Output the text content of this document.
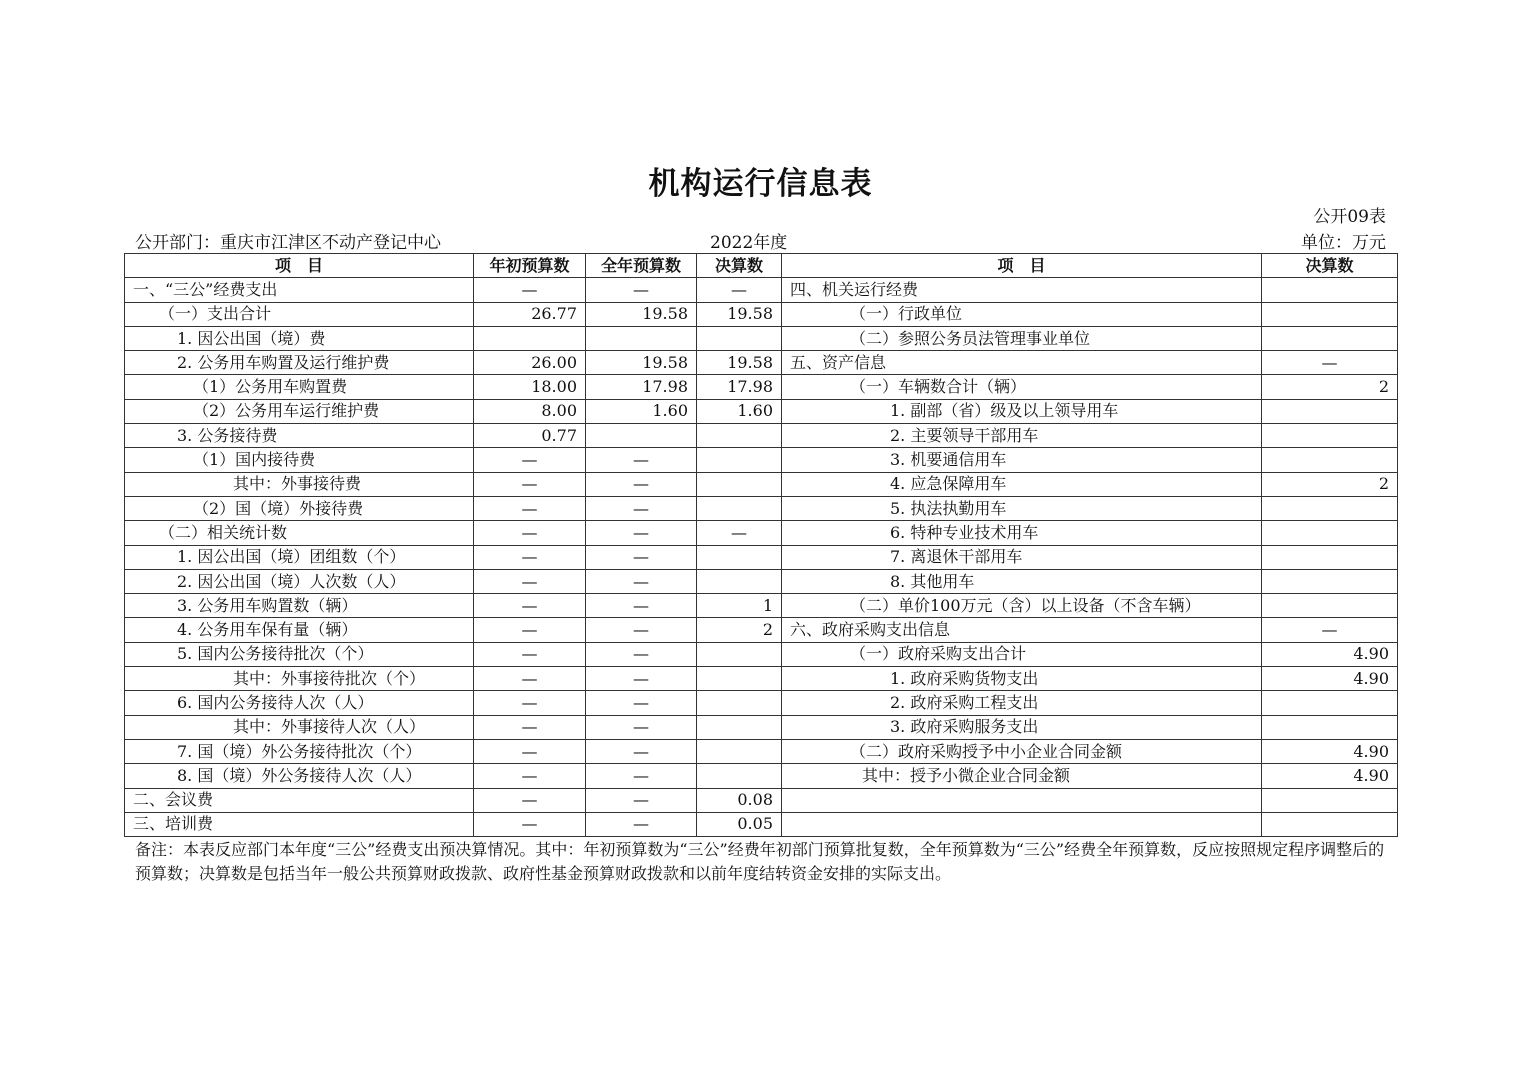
机构运行信息表
公开09表
公开部门：重庆市江津区不动产登记中心	2022年度	单位：万元
项　目	年初预算数	全年预算数	决算数	项　目	决算数
一、“三公”经费支出	—	—	—	四、机关运行经费	
（一）支出合计	26.77	19.58	19.58	（一）行政单位	
1. 因公出国（境）费				（二）参照公务员法管理事业单位	
2. 公务用车购置及运行维护费	26.00	19.58	19.58	五、资产信息	—
（1）公务用车购置费	18.00	17.98	17.98	（一）车辆数合计（辆）	2
（2）公务用车运行维护费	8.00	1.60	1.60	1. 副部（省）级及以上领导用车	
3. 公务接待费	0.77			2. 主要领导干部用车	
（1）国内接待费	—	—		3. 机要通信用车	
其中：外事接待费	—	—		4. 应急保障用车	2
（2）国（境）外接待费	—	—		5. 执法执勤用车	
（二）相关统计数	—	—	—	6. 特种专业技术用车	
1. 因公出国（境）团组数（个）	—	—		7. 离退休干部用车	
2. 因公出国（境）人次数（人）	—	—		8. 其他用车	
3. 公务用车购置数（辆）	—	—	1	（二）单价100万元（含）以上设备（不含车辆）	
4. 公务用车保有量（辆）	—	—	2	六、政府采购支出信息	—
5. 国内公务接待批次（个）	—	—		（一）政府采购支出合计	4.90
其中：外事接待批次（个）	—	—		1. 政府采购货物支出	4.90
6. 国内公务接待人次（人）	—	—		2. 政府采购工程支出	
其中：外事接待人次（人）	—	—		3. 政府采购服务支出	
7. 国（境）外公务接待批次（个）	—	—		（二）政府采购授予中小企业合同金额	4.90
8. 国（境）外公务接待人次（人）	—	—		其中：授予小微企业合同金额	4.90
二、会议费	—	—	0.08		
三、培训费	—	—	0.05		
备注：本表反应部门本年度“三公”经费支出预决算情况。其中：年初预算数为“三公”经费年初部门预算批复数，全年预算数为“三公”经费全年预算数，反应按照规定程序调整后的预算数；决算数是包括当年一般公共预算财政拨款、政府性基金预算财政拨款和以前年度结转资金安排的实际支出。
